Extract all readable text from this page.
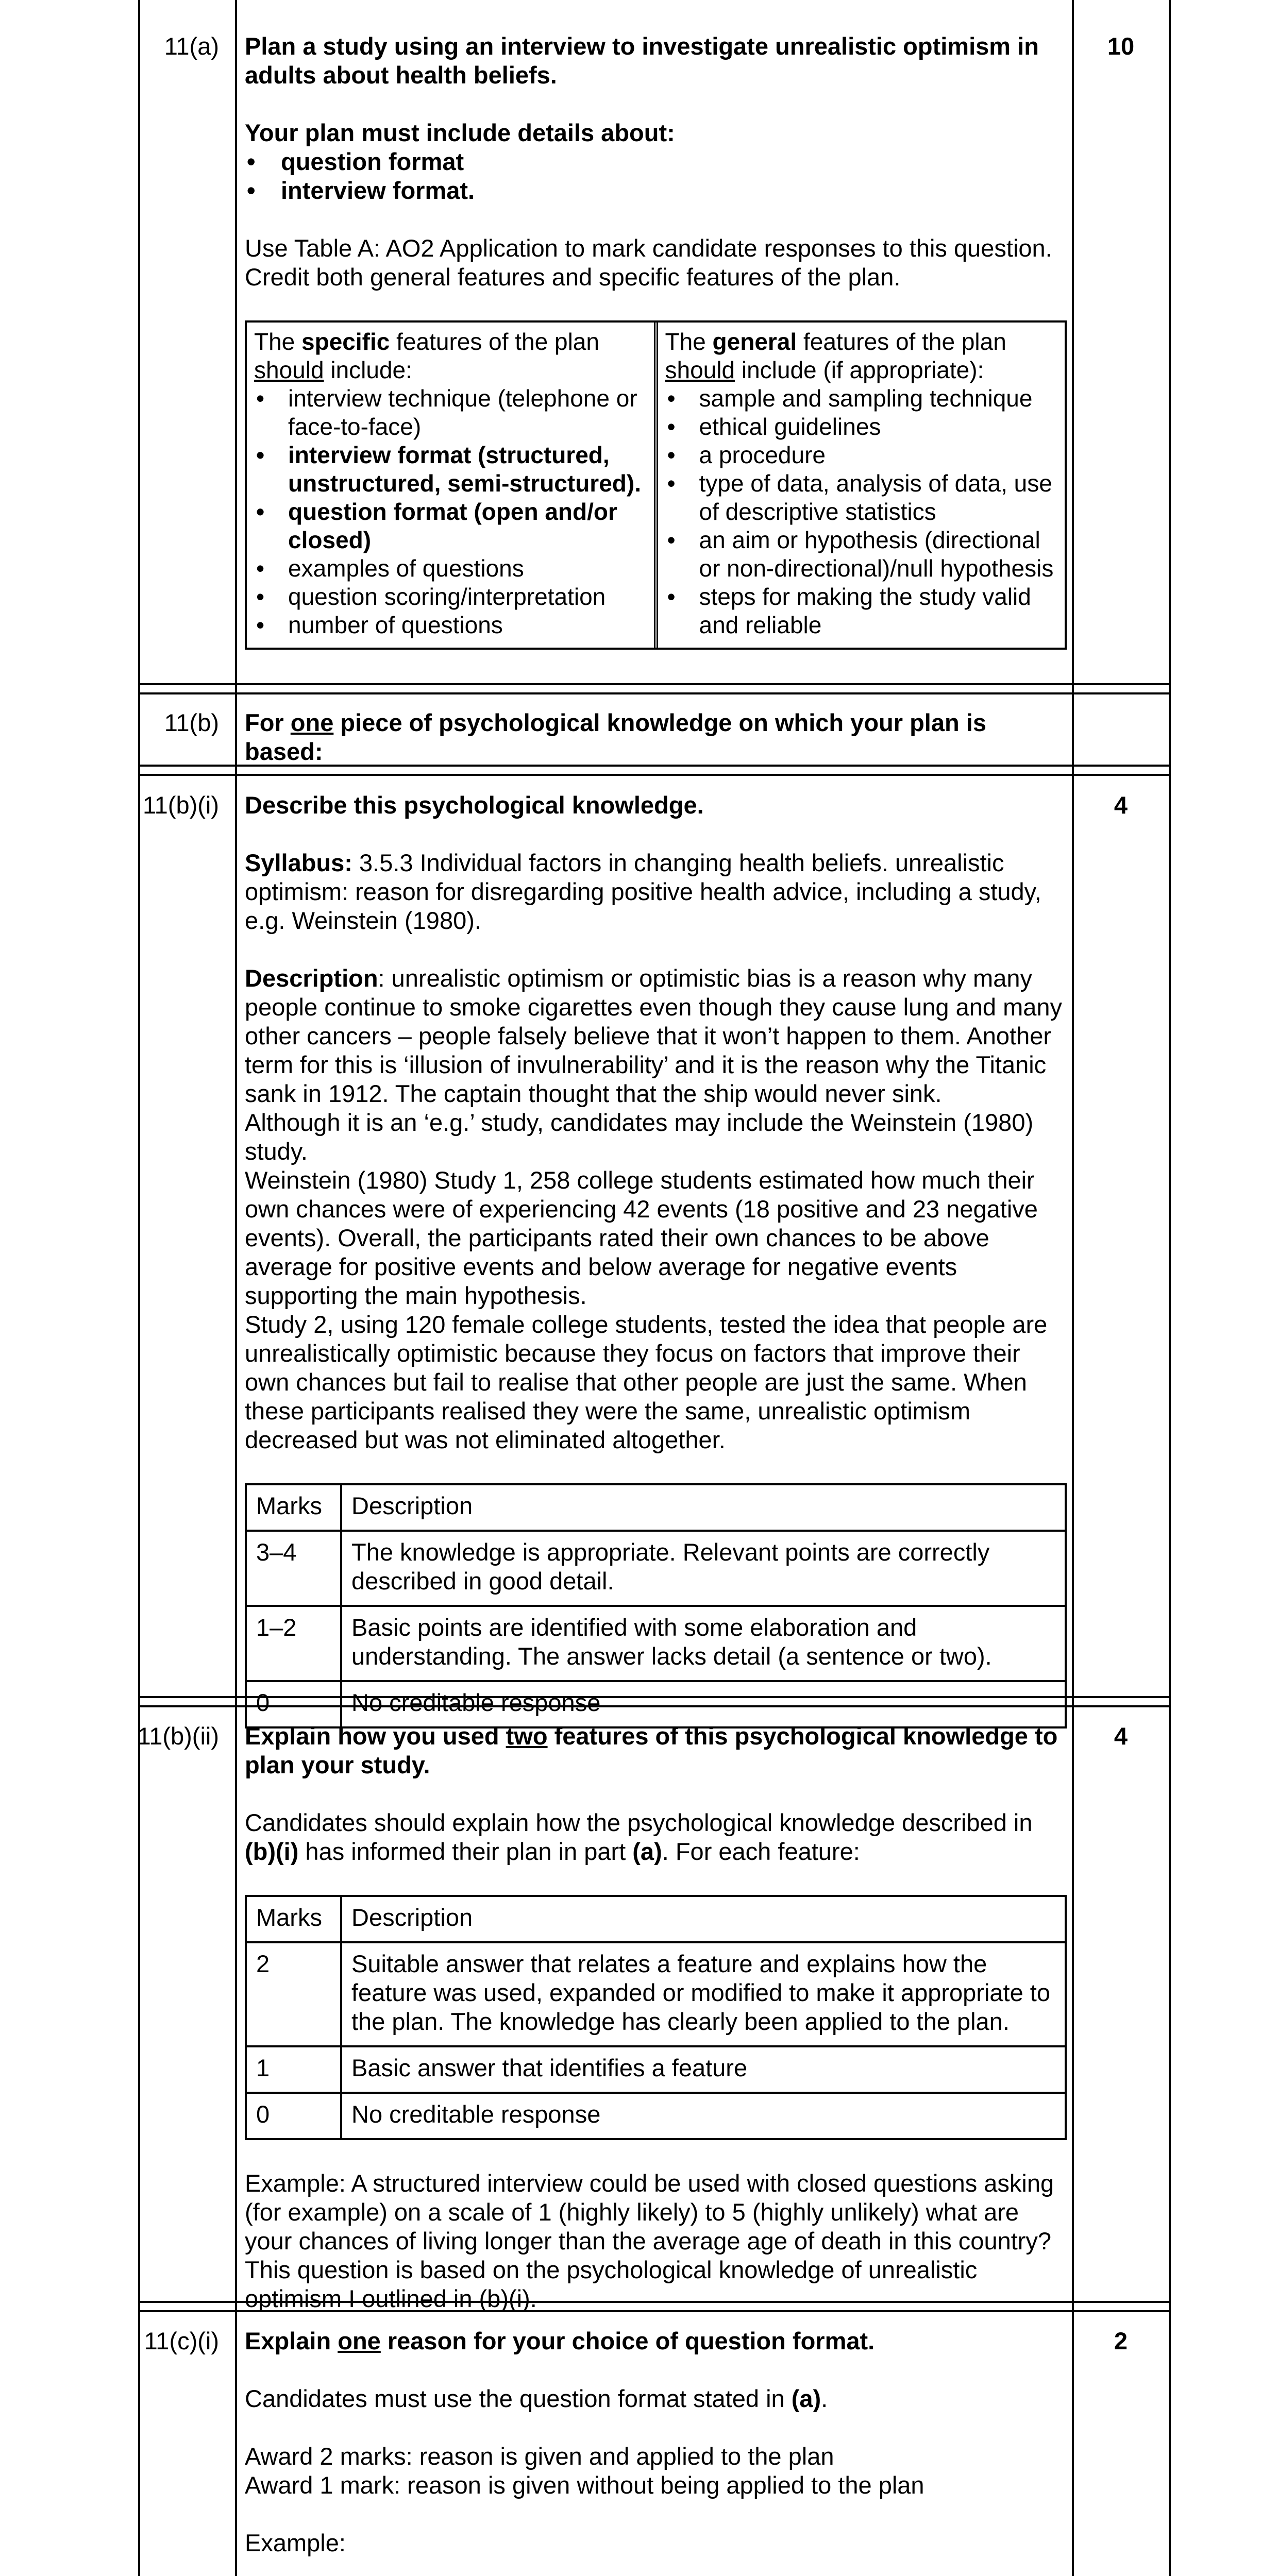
11(a)	10

Plan a study using an interview to investigate unrealistic optimism in adults about health beliefs.

Your plan must include details about:

• question format
• interview format.

Use Table A: AO2 Application to mark candidate responses to this question. Credit both general features and specific features of the plan.

The specific features of the plan should include:
• interview technique (telephone or face-to-face)
• interview format (structured, unstructured, semi-structured).
• question format (open and/or closed)
• examples of questions
• question scoring/interpretation
• number of questions
The general features of the plan should include (if appropriate):
• sample and sampling technique
• ethical guidelines
• a procedure
• type of data, analysis of data, use of descriptive statistics
• an aim or hypothesis (directional or non-directional)/null hypothesis
• steps for making the study valid and reliable
11(b) For one piece of psychological knowledge on which your plan is based:

11(b)(i)	4

Describe this psychological knowledge.

Syllabus: 3.5.3 Individual factors in changing health beliefs. unrealistic optimism: reason for disregarding positive health advice, including a study, e.g. Weinstein (1980).

Description: unrealistic optimism or optimistic bias is a reason why many people continue to smoke cigarettes even though they cause lung and many other cancers – people falsely believe that it won’t happen to them. Another term for this is ‘illusion of invulnerability’ and it is the reason why the Titanic sank in 1912. The captain thought that the ship would never sink.

Although it is an ‘e.g.’ study, candidates may include the Weinstein (1980) study.

Weinstein (1980) Study 1, 258 college students estimated how much their own chances were of experiencing 42 events (18 positive and 23 negative events). Overall, the participants rated their own chances to be above average for positive events and below average for negative events supporting the main hypothesis.

Study 2, using 120 female college students, tested the idea that people are unrealistically optimistic because they focus on factors that improve their own chances but fail to realise that other people are just the same. When these participants realised they were the same, unrealistic optimism decreased but was not eliminated altogether.

Marks	Description
3–4	The knowledge is appropriate. Relevant points are correctly described in good detail.
1–2	Basic points are identified with some elaboration and understanding. The answer lacks detail (a sentence or two).
0	No creditable response
11(b)(ii)	4

Explain how you used two features of this psychological knowledge to plan your study.

Candidates should explain how the psychological knowledge described in (b)(i) has informed their plan in part (a). For each feature:

Marks	Description
2	Suitable answer that relates a feature and explains how the feature was used, expanded or modified to make it appropriate to the plan. The knowledge has clearly been applied to the plan.
1	Basic answer that identifies a feature
0	No creditable response

Example: A structured interview could be used with closed questions asking (for example) on a scale of 1 (highly likely) to 5 (highly unlikely) what are your chances of living longer than the average age of death in this country? This question is based on the psychological knowledge of unrealistic optimism I outlined in (b)(i).

11(c)(i)	2

Explain one reason for your choice of question format.

Candidates must use the question format stated in (a).

Award 2 marks: reason is given and applied to the plan

Award 1 mark: reason is given without being applied to the plan

Example:
